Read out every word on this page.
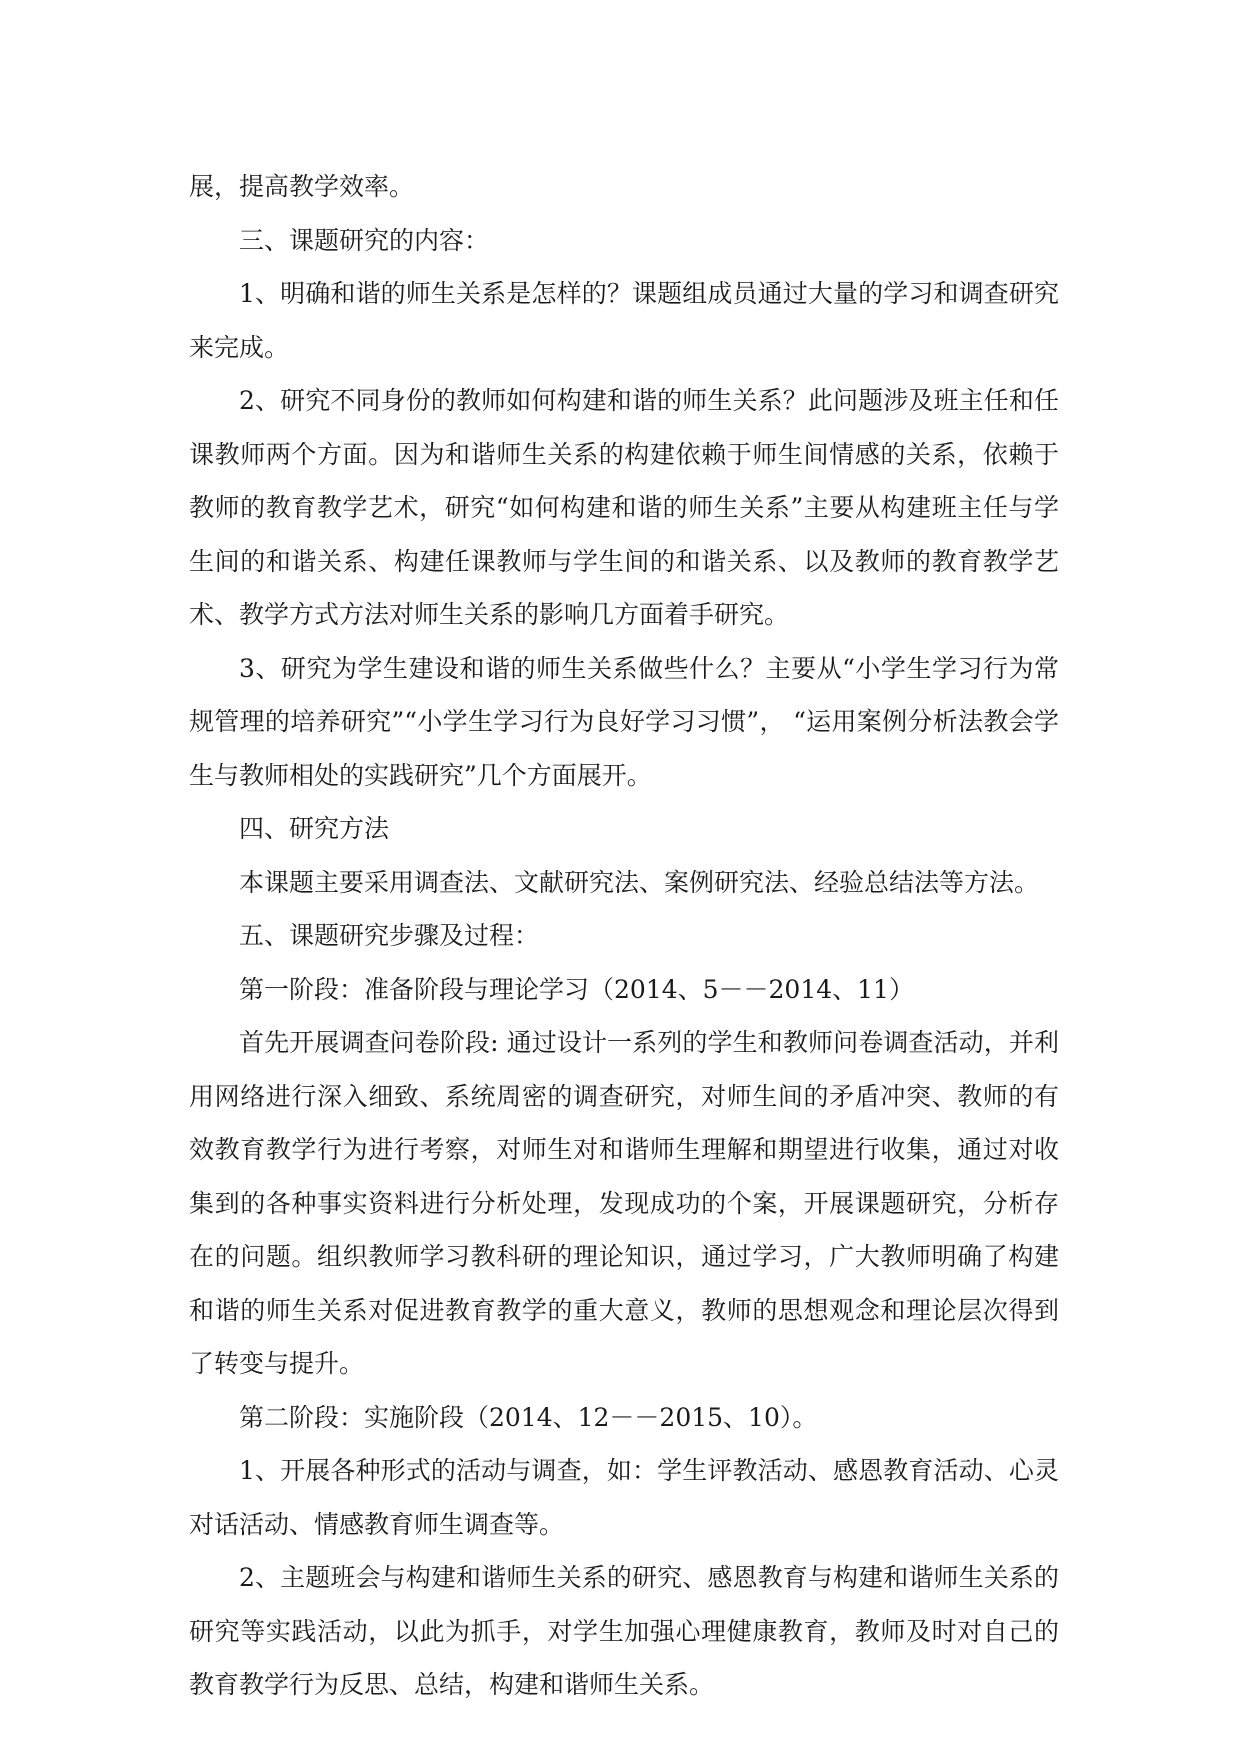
展，提高教学效率。

三、课题研究的内容：

1、明确和谐的师生关系是怎样的？课题组成员通过大量的学习和调查研究来完成。

2、研究不同身份的教师如何构建和谐的师生关系？此问题涉及班主任和任课教师两个方面。因为和谐师生关系的构建依赖于师生间情感的关系，依赖于教师的教育教学艺术，研究“如何构建和谐的师生关系”主要从构建班主任与学生间的和谐关系、构建任课教师与学生间的和谐关系、以及教师的教育教学艺术、教学方式方法对师生关系的影响几方面着手研究。

3、研究为学生建设和谐的师生关系做些什么？主要从“小学生学习行为常规管理的培养研究”“小学生学习行为良好学习习惯”， “运用案例分析法教会学生与教师相处的实践研究”几个方面展开。

四、研究方法

本课题主要采用调查法、文献研究法、案例研究法、经验总结法等方法。

五、课题研究步骤及过程：

第一阶段：准备阶段与理论学习（2014、5－－2014、11）

首先开展调查问卷阶段: 通过设计一系列的学生和教师问卷调查活动，并利用网络进行深入细致、系统周密的调查研究，对师生间的矛盾冲突、教师的有效教育教学行为进行考察，对师生对和谐师生理解和期望进行收集，通过对收集到的各种事实资料进行分析处理，发现成功的个案，开展课题研究，分析存在的问题。组织教师学习教科研的理论知识，通过学习，广大教师明确了构建和谐的师生关系对促进教育教学的重大意义，教师的思想观念和理论层次得到了转变与提升。

第二阶段：实施阶段（2014、12－－2015、10）。

1、开展各种形式的活动与调查，如：学生评教活动、感恩教育活动、心灵对话活动、情感教育师生调查等。

2、主题班会与构建和谐师生关系的研究、感恩教育与构建和谐师生关系的研究等实践活动，以此为抓手，对学生加强心理健康教育，教师及时对自己的教育教学行为反思、总结，构建和谐师生关系。
